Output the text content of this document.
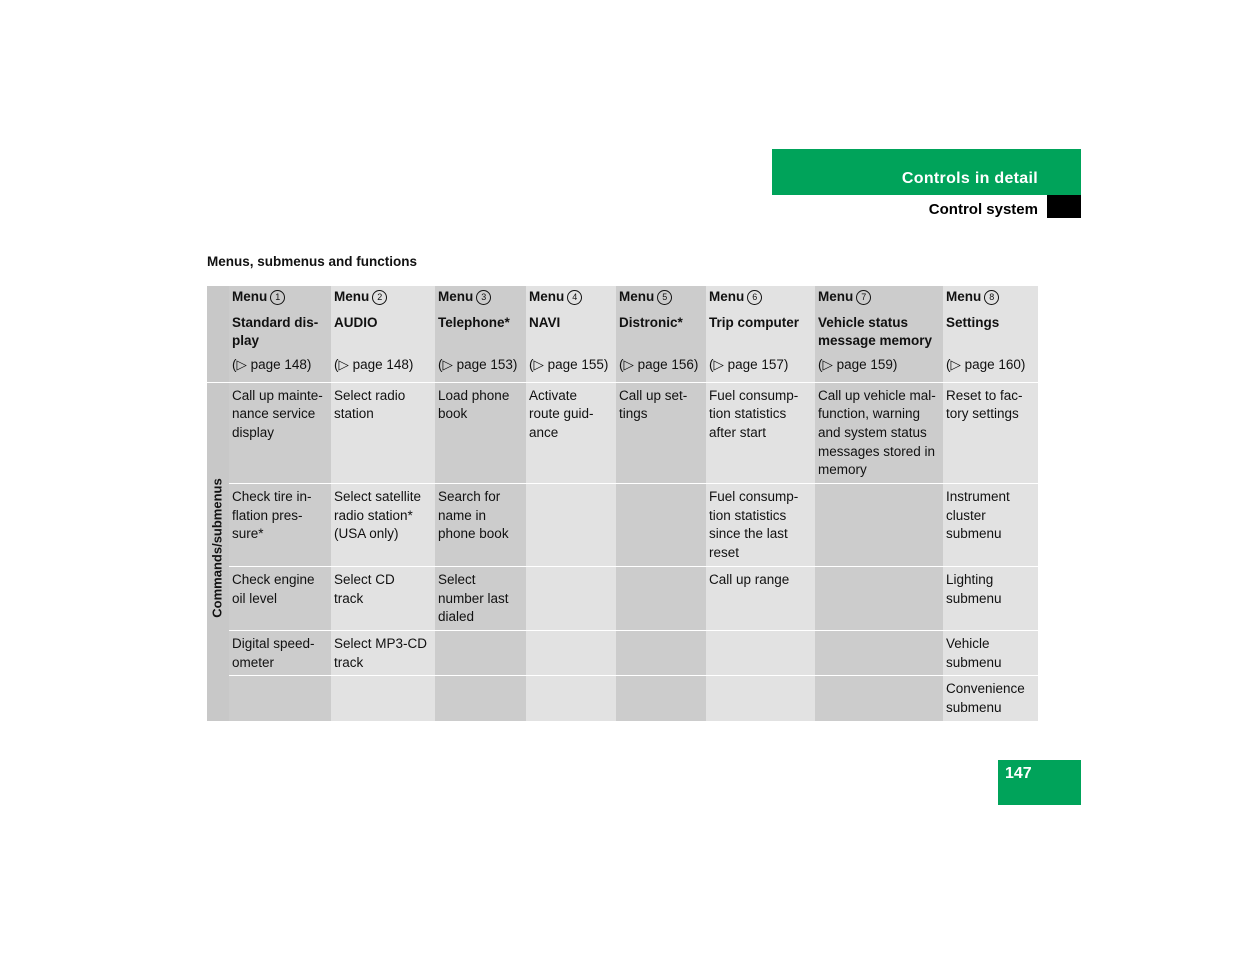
Controls in detail
Control system
Menus, submenus and functions

	Menu 1
Standard dis-
play
(▷ page 148)	Menu 2
AUDIO
(▷ page 148)	Menu 3
Telephone*
(▷ page 153)	Menu 4
NAVI
(▷ page 155)	Menu 5
Distronic*
(▷ page 156)	Menu 6
Trip computer
(▷ page 157)	Menu 7
Vehicle status
message memory
(▷ page 159)	Menu 8
Settings
(▷ page 160)

Commands/submenus	Call up mainte-
nance service
display	Select radio
station	Load phone
book	Activate
route guid-
ance	Call up set-
tings	Fuel consump-
tion statistics
after start	Call up vehicle mal-
function, warning
and system status
messages stored in
memory	Reset to fac-
tory settings
	Check tire in-
flation pres-
sure*	Select satellite
radio station*
(USA only)	Search for
name in
phone book			Fuel consump-
tion statistics
since the last
reset		Instrument
cluster
submenu
	Check engine
oil level	Select CD
track	Select
number last
dialed			Call up range		Lighting
submenu
	Digital speed-
ometer	Select MP3-CD
track						Vehicle
submenu
								Convenience
submenu
147
